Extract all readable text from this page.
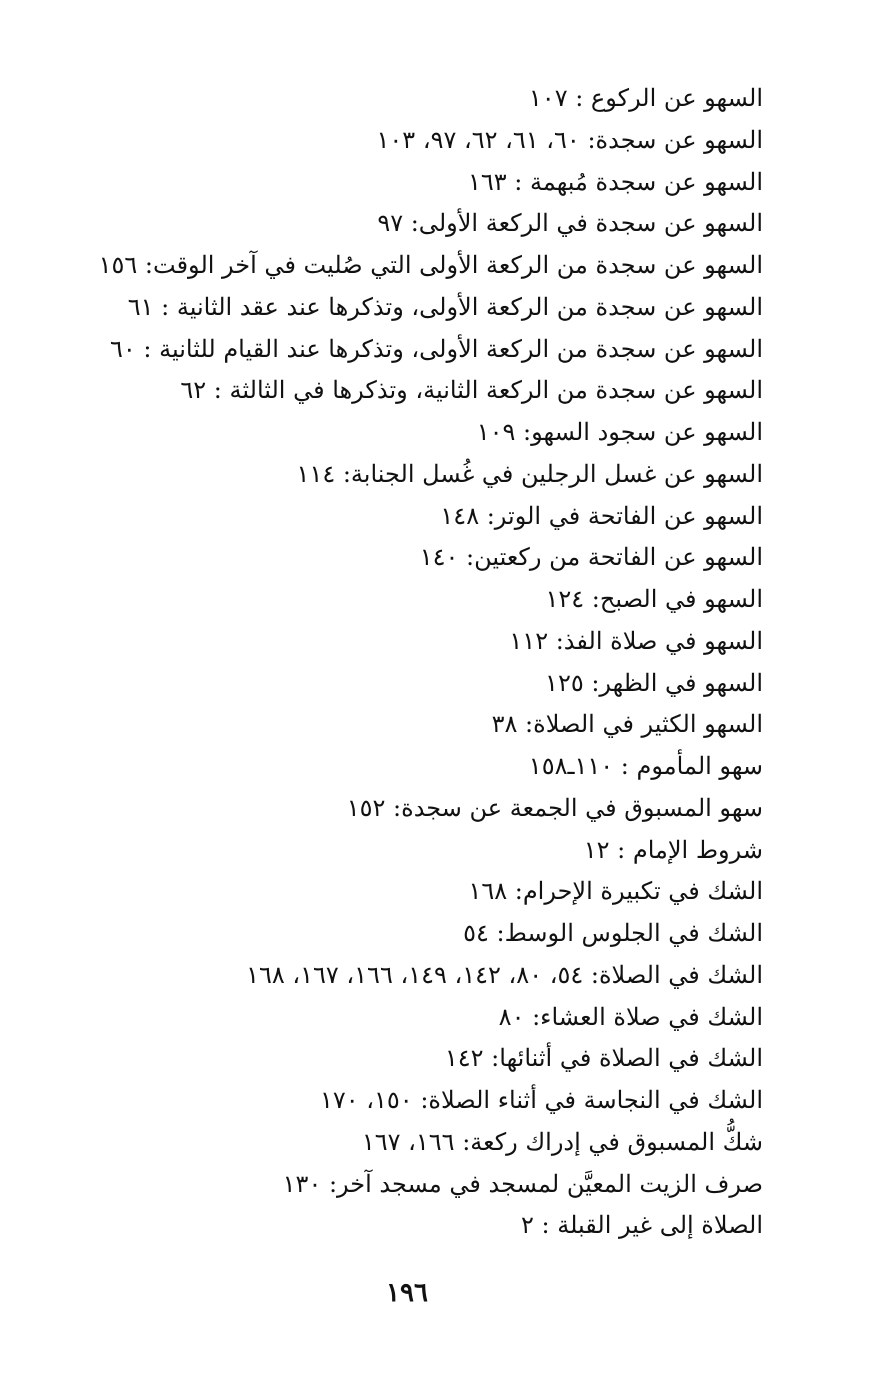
السهو عن الركوع : ١٠٧
السهو عن سجدة: ٦٠، ٦١، ٦٢، ٩٧، ١٠٣
السهو عن سجدة مُبهمة : ١٦٣
السهو عن سجدة في الركعة الأولى: ٩٧
السهو عن سجدة من الركعة الأولى التي صُليت في آخر الوقت: ١٥٦
السهو عن سجدة من الركعة الأولى، وتذكرها عند عقد الثانية : ٦١
السهو عن سجدة من الركعة الأولى، وتذكرها عند القيام للثانية : ٦٠
السهو عن سجدة من الركعة الثانية، وتذكرها في الثالثة : ٦٢
السهو عن سجود السهو: ١٠٩
السهو عن غسل الرجلين في غُسل الجنابة: ١١٤
السهو عن الفاتحة في الوتر: ١٤٨
السهو عن الفاتحة من ركعتين: ١٤٠
السهو في الصبح: ١٢٤
السهو في صلاة الفذ: ١١٢
السهو في الظهر: ١٢٥
السهو الكثير في الصلاة: ٣٨
سهو المأموم : ١١٠ـ١٥٨
سهو المسبوق في الجمعة عن سجدة: ١٥٢
شروط الإمام : ١٢
الشك في تكبيرة الإحرام: ١٦٨
الشك في الجلوس الوسط: ٥٤
الشك في الصلاة: ٥٤، ٨٠، ١٤٢، ١٤٩، ١٦٦، ١٦٧، ١٦٨
الشك في صلاة العشاء: ٨٠
الشك في الصلاة في أثنائها: ١٤٢
الشك في النجاسة في أثناء الصلاة: ١٥٠، ١٧٠
شكُّ المسبوق في إدراك ركعة: ١٦٦، ١٦٧
صرف الزيت المعيَّن لمسجد في مسجد آخر: ١٣٠
الصلاة إلى غير القبلة : ٢
١٩٦
